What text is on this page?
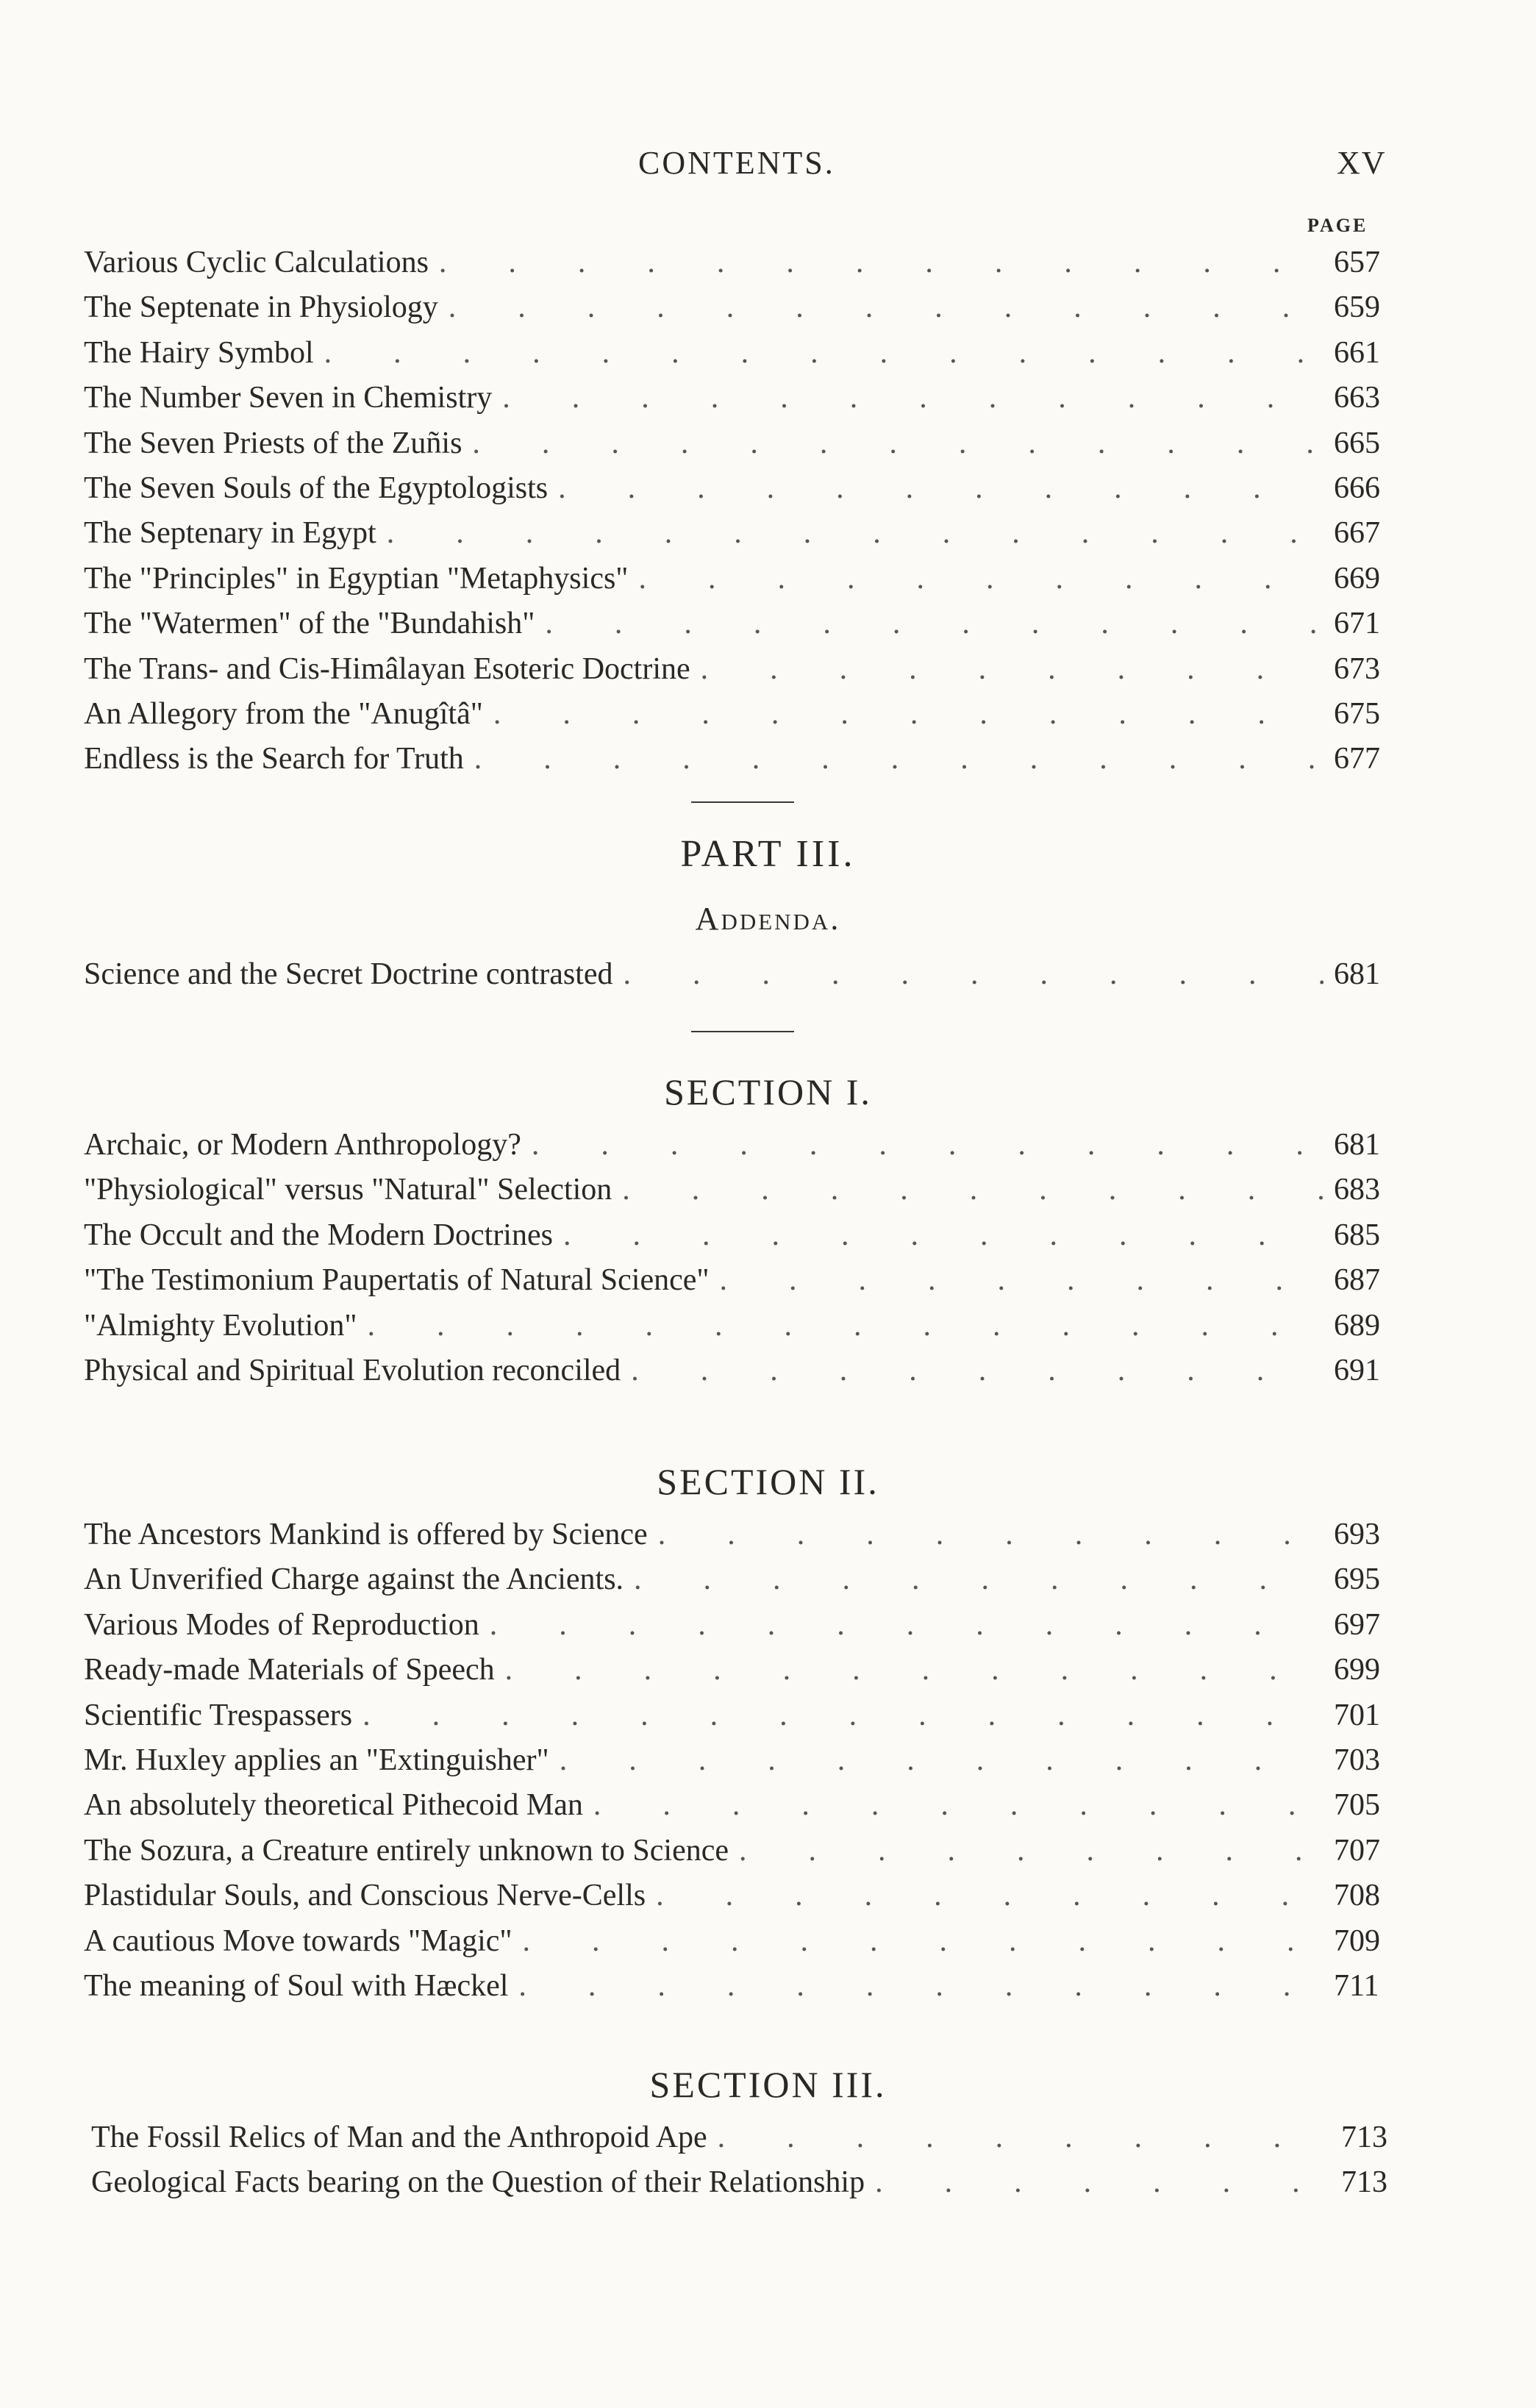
CONTENTS.	XV
PAGE
Various Cyclic Calculations .	657
The Septenate in Physiology .	659
The Hairy Symbol .	661
The Number Seven in Chemistry .	663
The Seven Priests of the Zuñis .	665
The Seven Souls of the Egyptologists .	666
The Septenary in Egypt .	667
The "Principles" in Egyptian "Metaphysics" .	669
The "Watermen" of the "Bundahish" .	671
The Trans- and Cis-Himâlayan Esoteric Doctrine .	673
An Allegory from the "Anugîtâ" .	675
Endless is the Search for Truth .	677
PART III.
Addenda.
Science and the Secret Doctrine contrasted .	681
SECTION I.
Archaic, or Modern Anthropology? .	681
"Physiological" versus "Natural" Selection .	683
The Occult and the Modern Doctrines .	685
"The Testimonium Paupertatis of Natural Science" .	687
"Almighty Evolution" .	689
Physical and Spiritual Evolution reconciled .	691
SECTION II.
The Ancestors Mankind is offered by Science .	693
An Unverified Charge against the Ancients. .	695
Various Modes of Reproduction .	697
Ready-made Materials of Speech .	699
Scientific Trespassers .	701
Mr. Huxley applies an "Extinguisher" .	703
An absolutely theoretical Pithecoid Man .	705
The Sozura, a Creature entirely unknown to Science .	707
Plastidular Souls, and Conscious Nerve-Cells .	708
A cautious Move towards "Magic" .	709
The meaning of Soul with Hæckel .	711
SECTION III.
The Fossil Relics of Man and the Anthropoid Ape .	713
Geological Facts bearing on the Question of their Relationship .	713
